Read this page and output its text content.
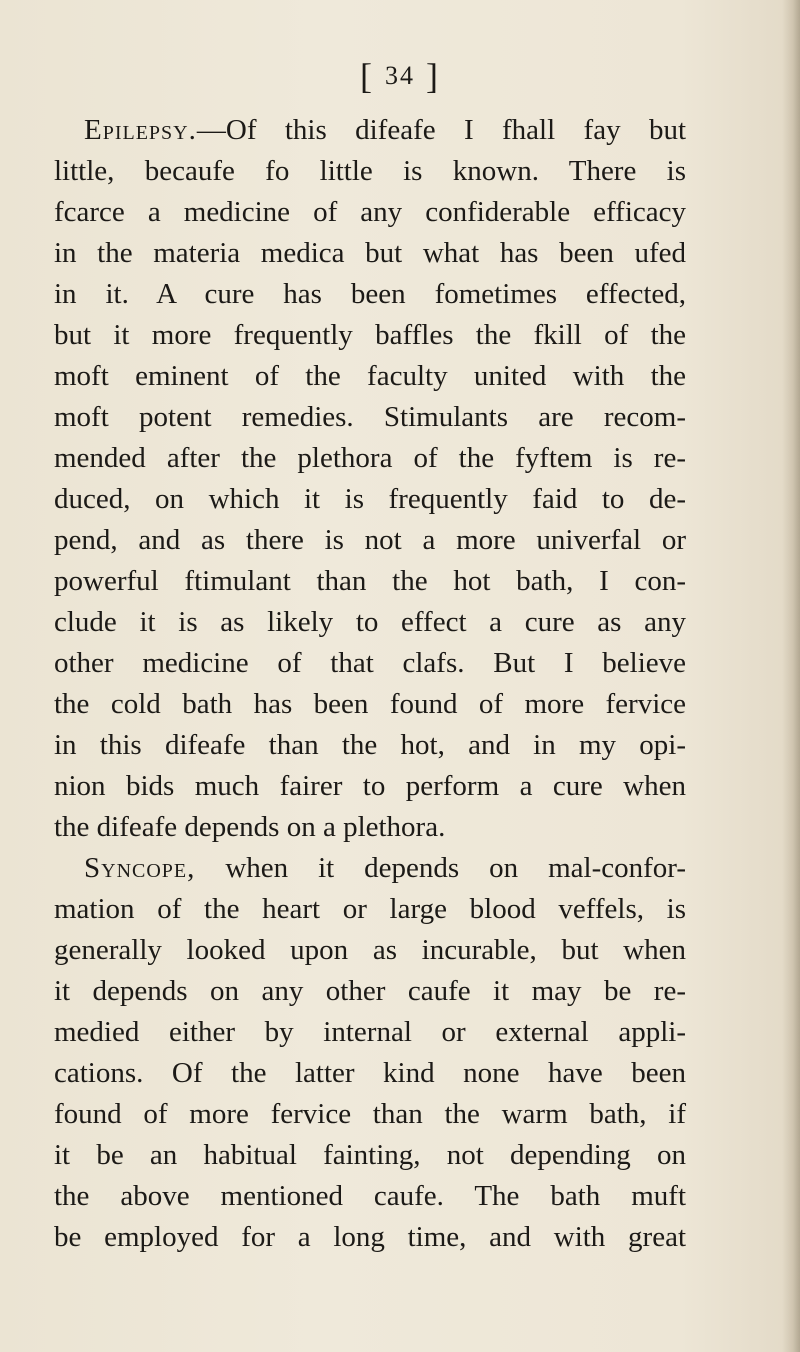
[ 34 ]
Epilepsy.—Of this difeafe I fhall fay but
little, becaufe fo little is known. There is
fcarce a medicine of any confiderable efficacy
in the materia medica but what has been ufed
in it. A cure has been fometimes effected,
but it more frequently baffles the fkill of the
moft eminent of the faculty united with the
moft potent remedies. Stimulants are recom-
mended after the plethora of the fyftem is re-
duced, on which it is frequently faid to de-
pend, and as there is not a more univerfal or
powerful ftimulant than the hot bath, I con-
clude it is as likely to effect a cure as any
other medicine of that clafs. But I believe
the cold bath has been found of more fervice
in this difeafe than the hot, and in my opi-
nion bids much fairer to perform a cure when
the difeafe depends on a plethora.
Syncope, when it depends on mal-confor-
mation of the heart or large blood veffels, is
generally looked upon as incurable, but when
it depends on any other caufe it may be re-
medied either by internal or external appli-
cations. Of the latter kind none have been
found of more fervice than the warm bath, if
it be an habitual fainting, not depending on
the above mentioned caufe. The bath muft
be employed for a long time, and with great
